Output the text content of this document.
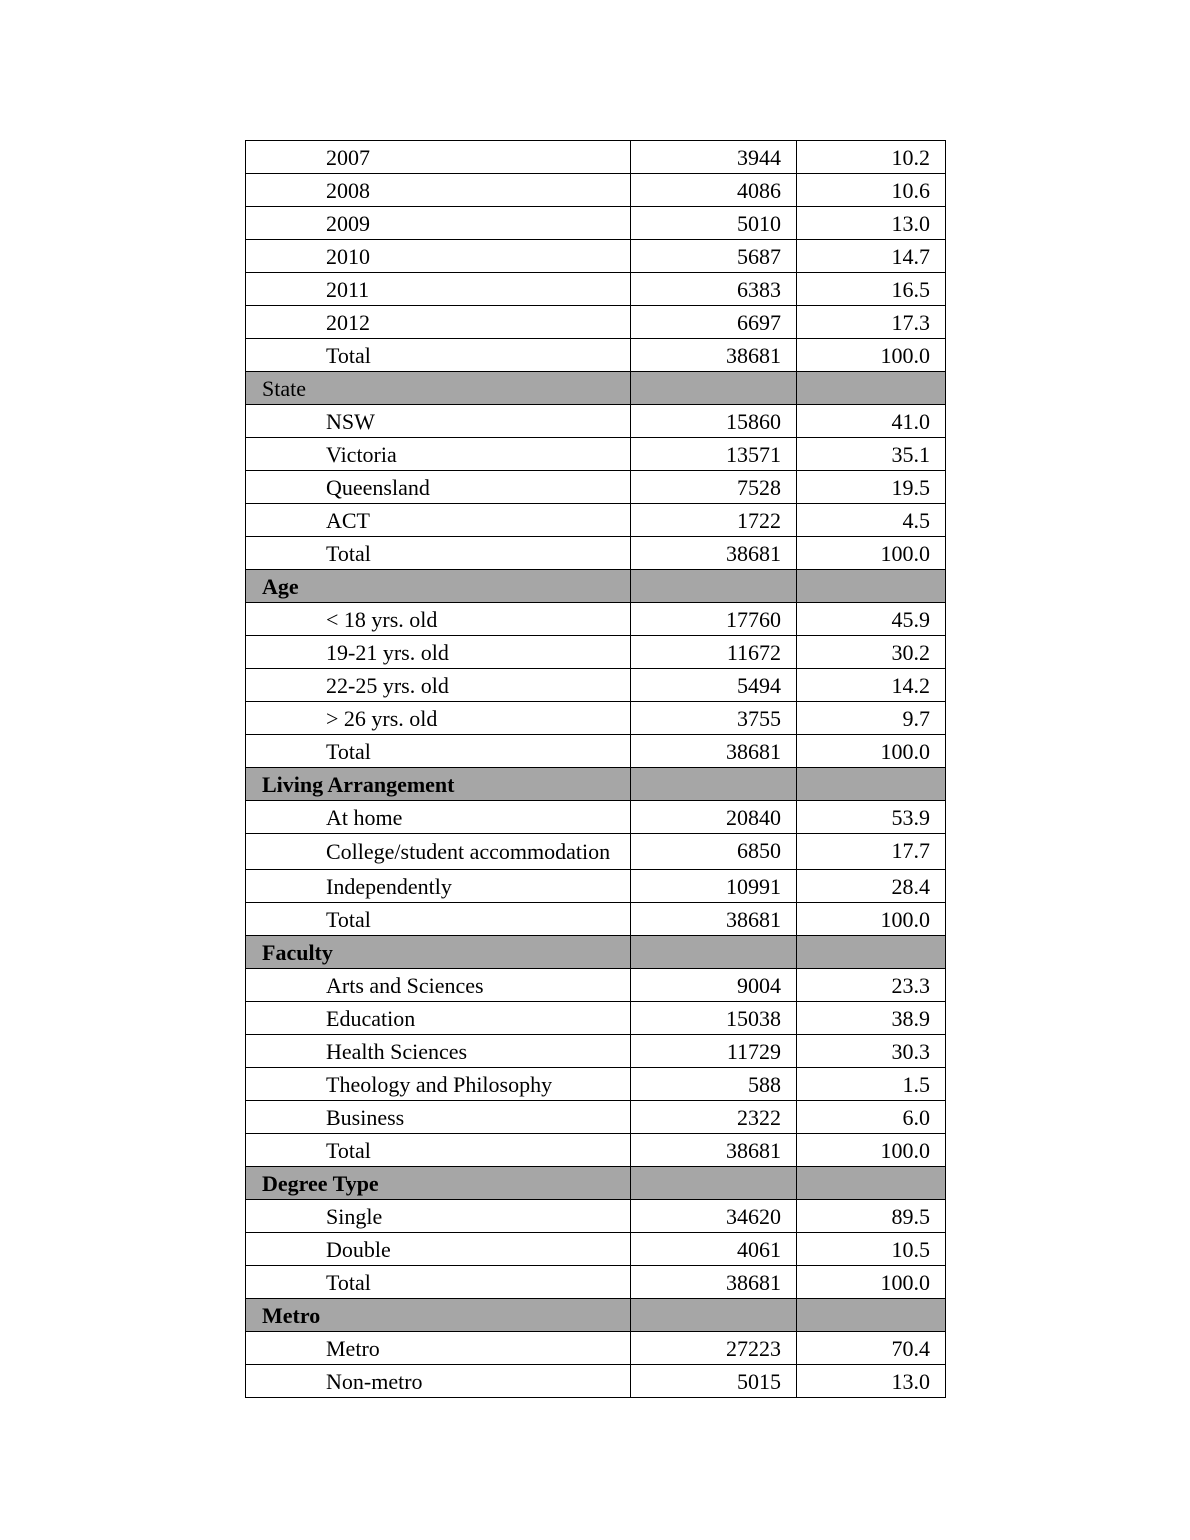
2007	3944	10.2
2008	4086	10.6
2009	5010	13.0
2010	5687	14.7
2011	6383	16.5
2012	6697	17.3
Total	38681	100.0
State		
NSW	15860	41.0
Victoria	13571	35.1
Queensland	7528	19.5
ACT	1722	4.5
Total	38681	100.0
Age		
< 18 yrs. old	17760	45.9
19-21 yrs. old	11672	30.2
22-25 yrs. old	5494	14.2
> 26 yrs. old	3755	9.7
Total	38681	100.0
Living Arrangement		
At home	20840	53.9
College/student accommodation	6850	17.7
Independently	10991	28.4
Total	38681	100.0
Faculty		
Arts and Sciences	9004	23.3
Education	15038	38.9
Health Sciences	11729	30.3
Theology and Philosophy	588	1.5
Business	2322	6.0
Total	38681	100.0
Degree Type		
Single	34620	89.5
Double	4061	10.5
Total	38681	100.0
Metro		
Metro	27223	70.4
Non-metro	5015	13.0
